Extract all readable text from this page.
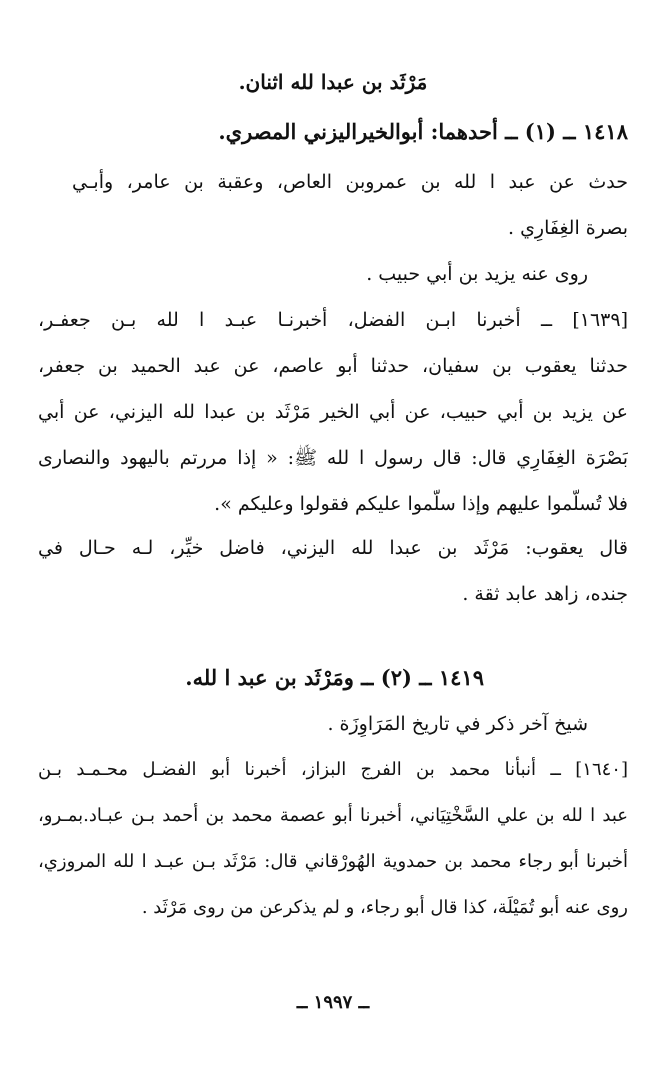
مَرْثَد بن عبدا لله اثنان.
١٤١٨ ــ (١) ــ أحدهما: أبوالخيراليزني المصري.
حدث عن عبد ا لله بن عمروبن العاص، وعقبة بن عامر، وأبـي
بصرة الغِفَارِي .
روى عنه يزيد بن أبي حبيب .
[١٦٣٩] ــ أخبرنا ابـن الفضل، أخبرنـا عبـد ا لله بـن جعفـر،
حدثنا يعقوب بن سفيان، حدثنا أبو عاصم، عن عبد الحميد بن جعفر،
عن يزيد بن أبي حبيب، عن أبي الخير مَرْثَد بن عبدا لله اليزني، عن أبي
بَصْرَة الغِفَارِي قال: قال رسول ا لله ﷺ: « إذا مررتم باليهود والنصارى
فلا تُسلّموا عليهم وإذا سلّموا عليكم فقولوا وعليكم ».
قال يعقوب: مَرْثَد بن عبدا لله اليزني، فاضل خيِّر، لـه حـال في
جنده، زاهد عابد ثقة .
١٤١٩ ــ (٢) ــ ومَرْثَد بن عبد ا لله.
شيخ آخر ذكر في تاريخ المَرَاوِزَة .
[١٦٤٠] ــ أنبأنا محمد بن الفرج البزاز، أخبرنا أبو الفضـل محـمـد بـن
عبد ا لله بن علي السَّخْتِيَاني، أخبرنا أبو عصمة محمد بن أحمد بـن عبـاد.بمـرو،
أخبرنا أبو رجاء محمد بن حمدوية الهُورْقاني قال: مَرْثَد بـن عبـد ا لله المروزي،
روى عنه أبو تُمَيْلَة، كذا قال أبو رجاء، و لم يذكرعن من روى مَرْثَد .
ــ ١٩٩٧ ــ
